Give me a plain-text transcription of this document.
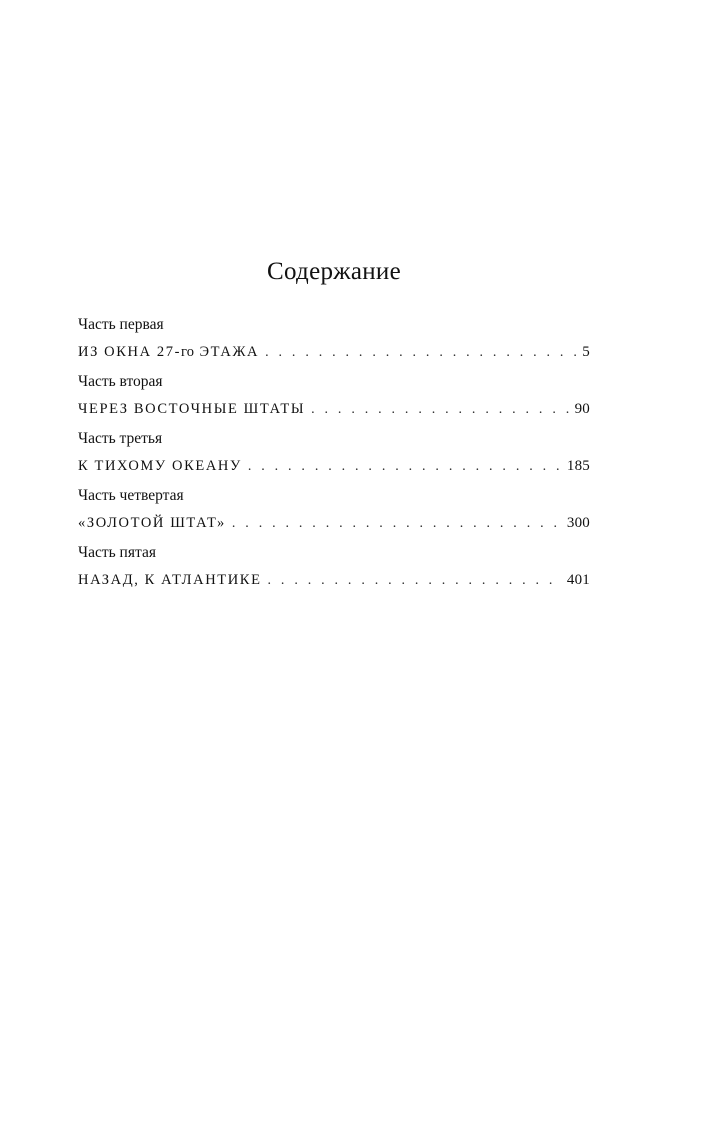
Содержание
Часть первая
ИЗ ОКНА 27-го ЭТАЖА . . .	5
Часть вторая
ЧЕРЕЗ ВОСТОЧНЫЕ ШТАТЫ . . .	90
Часть третья
К ТИХОМУ ОКЕАНУ . . .	185
Часть четвертая
«ЗОЛОТОЙ ШТАТ» . . .	300
Часть пятая
НАЗАД, К АТЛАНТИКЕ . . .	401
